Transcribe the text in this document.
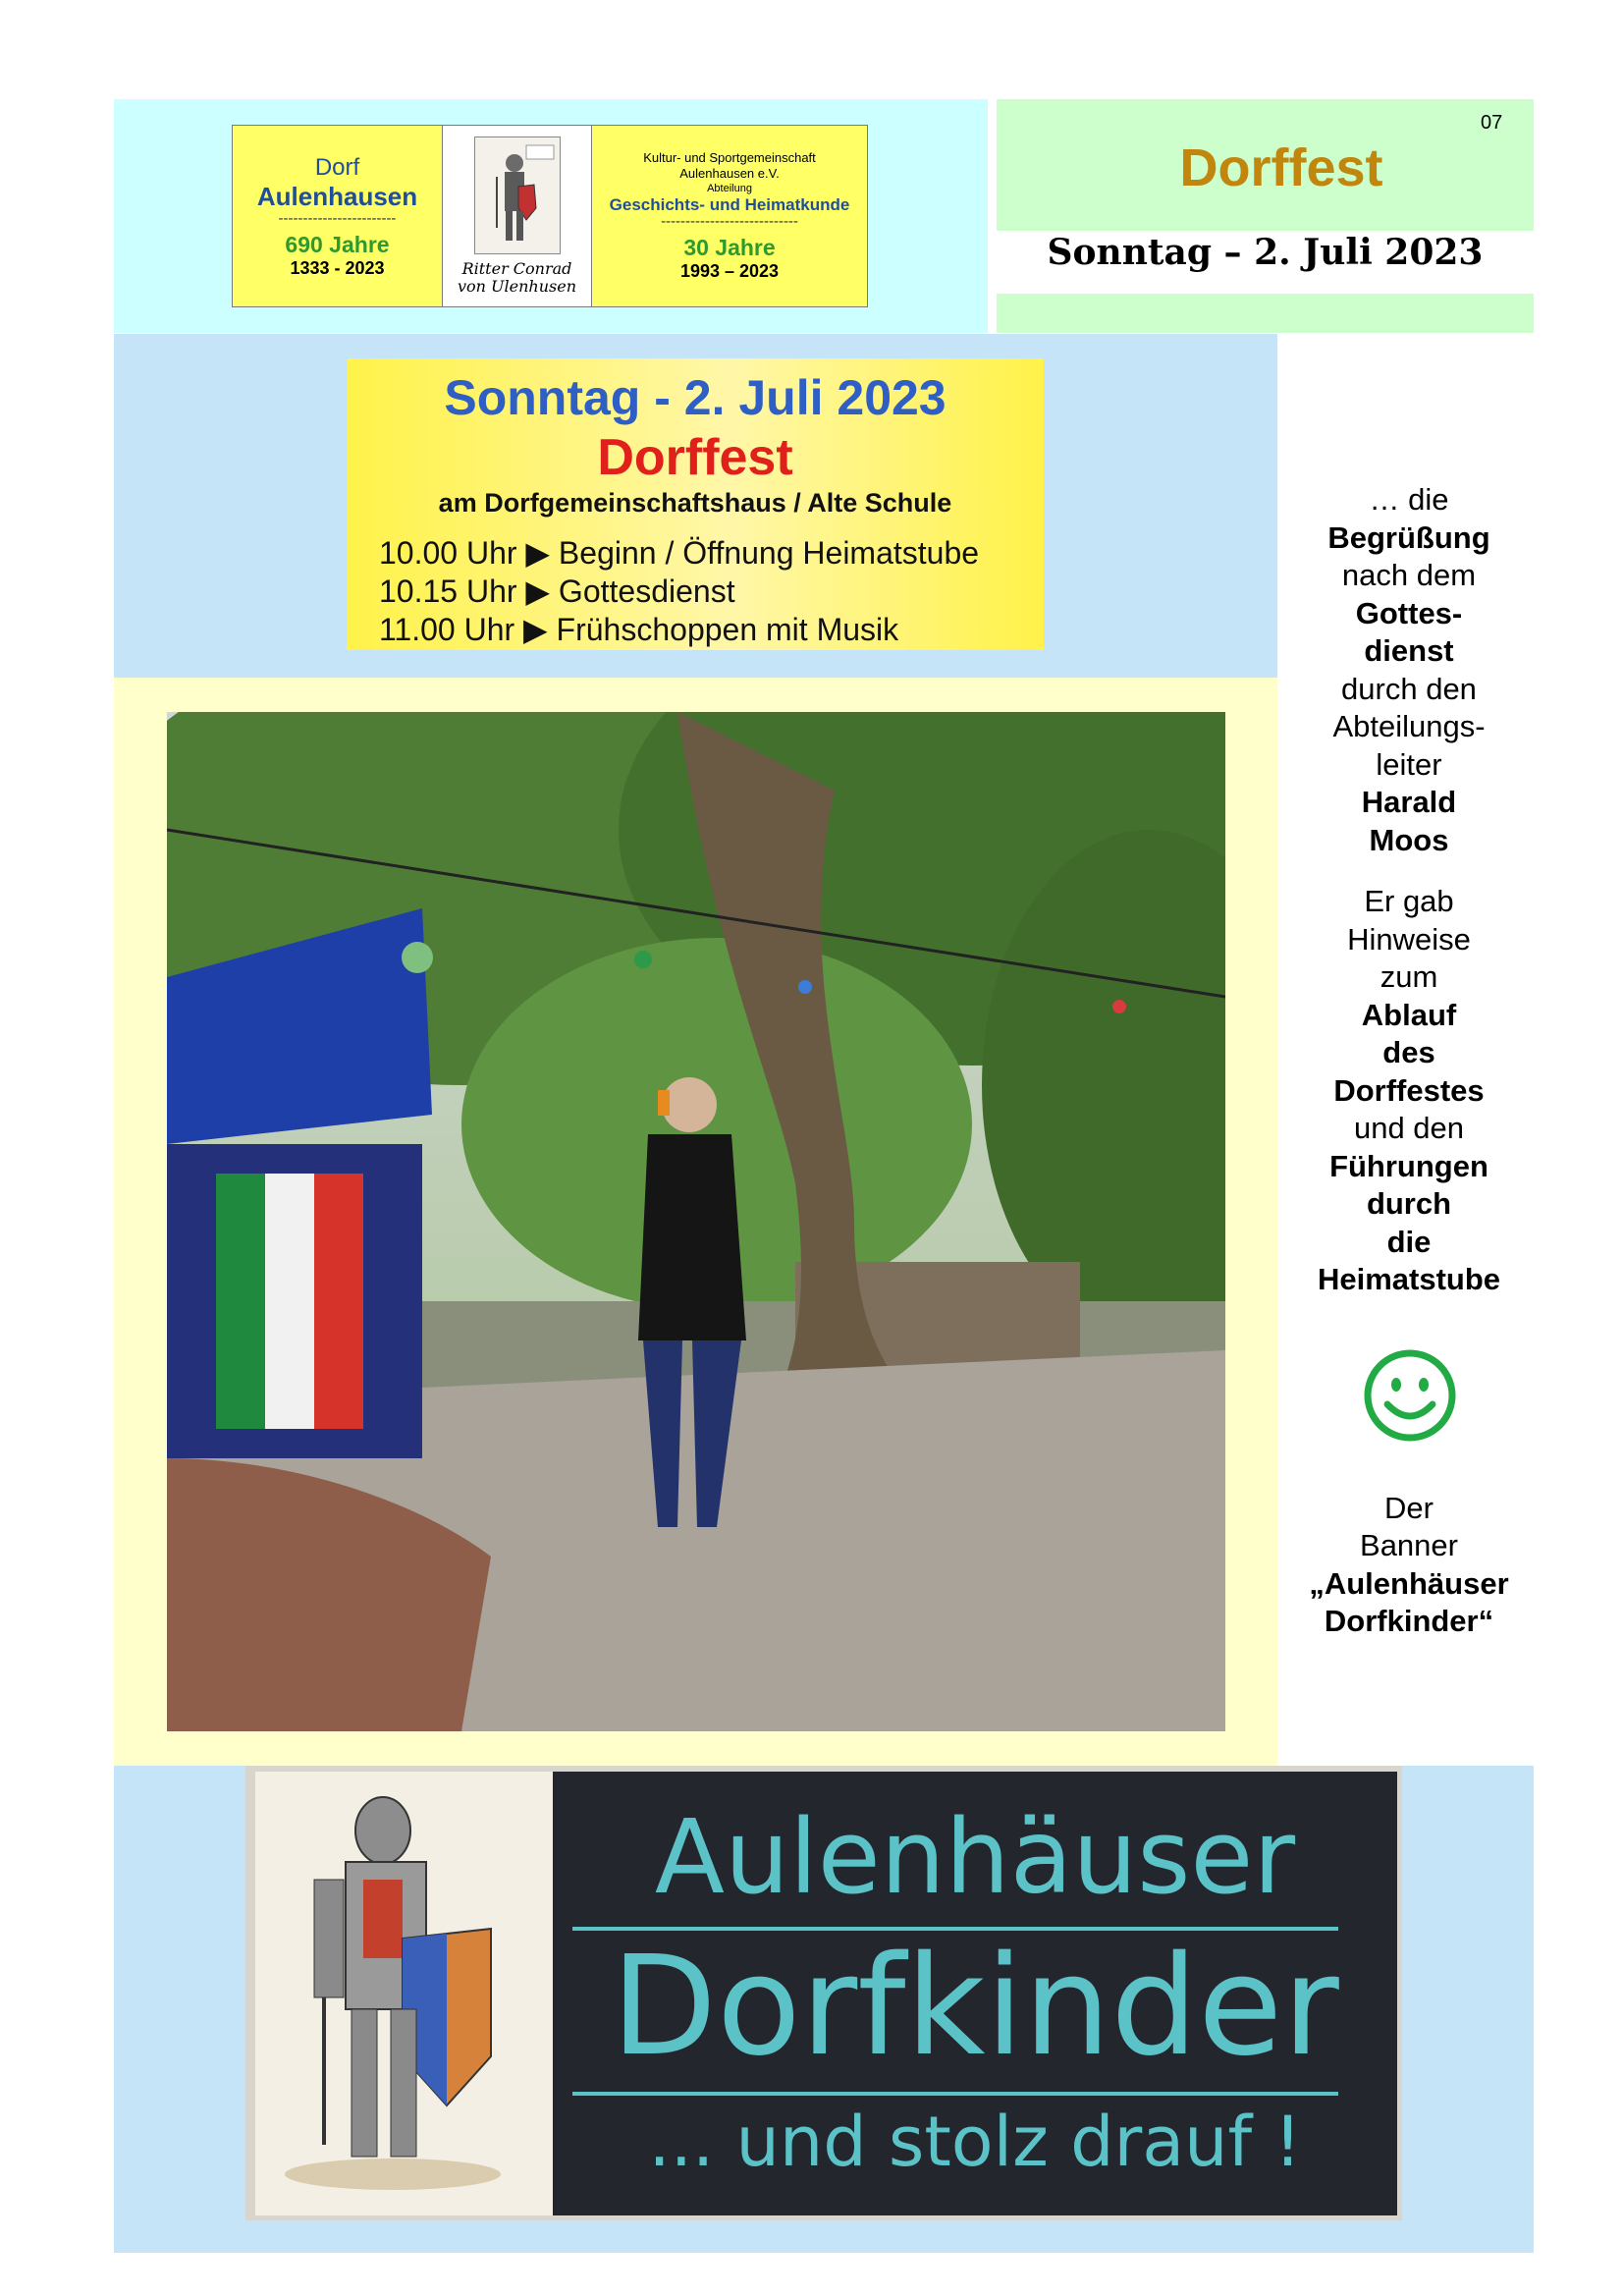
Dorf
Aulenhausen
------------------------
690 Jahre
1333 - 2023	Ritter Conrad
von Ulenhusen
Kultur- und Sportgemeinschaft
Aulenhausen e.V.
Abteilung
Geschichts- und Heimatkunde
----------------------------
30 Jahre
1993 – 2023
07
Dorffest
Sonntag – 2. Juli 2023
Sonntag - 2. Juli 2023
Dorffest
am Dorfgemeinschaftshaus / Alte Schule
10.00 Uhr ▶ Beginn / Öffnung Heimatstube
10.15 Uhr ▶ Gottesdienst
11.00 Uhr ▶ Frühschoppen mit Musik

… die
Begrüßung
nach dem
Gottes-
dienst
durch den
Abteilungs-
leiter
Harald
Moos

Er gab
Hinweise
zum
Ablauf
des
Dorffestes
und den
Führungen
durch
die
Heimatstube

Der
Banner
„Aulenhäuser
Dorfkinder“

Aulenhäuser
Dorfkinder
... und stolz drauf !
